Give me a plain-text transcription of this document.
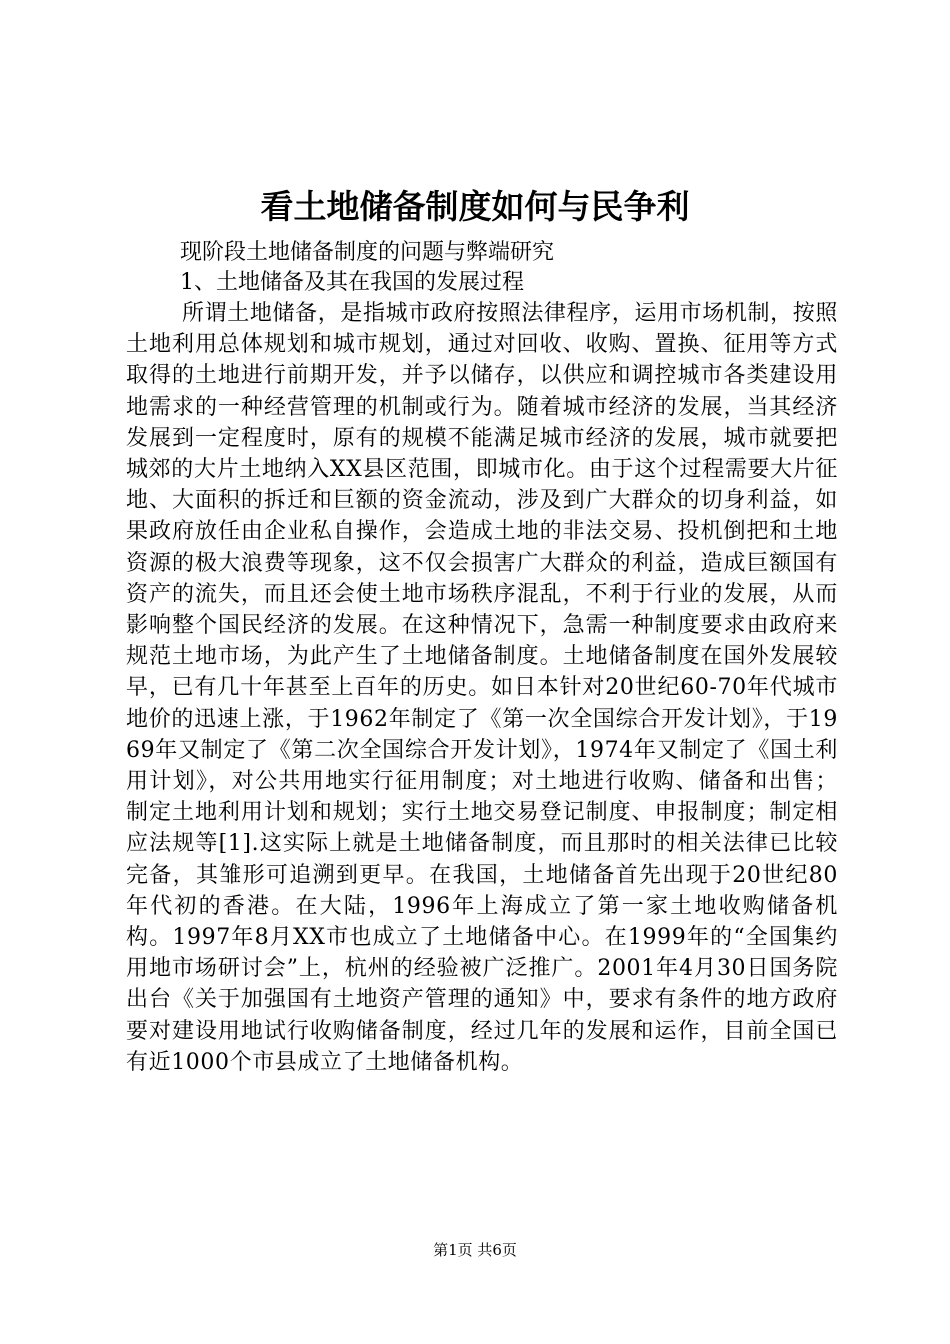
看土地储备制度如何与民争利

现阶段土地储备制度的问题与弊端研究

1、土地储备及其在我国的发展过程

所谓土地储备，是指城市政府按照法律程序，运用市场机制，按照土地利用总体规划和城市规划，通过对回收、收购、置换、征用等方式取得的土地进行前期开发，并予以储存，以供应和调控城市各类建设用地需求的一种经营管理的机制或行为。随着城市经济的发展，当其经济发展到一定程度时，原有的规模不能满足城市经济的发展，城市就要把城郊的大片土地纳入XX县区范围，即城市化。由于这个过程需要大片征地、大面积的拆迁和巨额的资金流动，涉及到广大群众的切身利益，如果政府放任由企业私自操作，会造成土地的非法交易、投机倒把和土地资源的极大浪费等现象，这不仅会损害广大群众的利益，造成巨额国有资产的流失，而且还会使土地市场秩序混乱，不利于行业的发展，从而影响整个国民经济的发展。在这种情况下，急需一种制度要求由政府来规范土地市场，为此产生了土地储备制度。土地储备制度在国外发展较早，已有几十年甚至上百年的历史。如日本针对20世纪60-70年代城市地价的迅速上涨，于1962年制定了《第一次全国综合开发计划》，于1969年又制定了《第二次全国综合开发计划》，1974年又制定了《国土利用计划》，对公共用地实行征用制度；对土地进行收购、储备和出售；制定土地利用计划和规划；实行土地交易登记制度、申报制度；制定相应法规等[1].这实际上就是土地储备制度，而且那时的相关法律已比较完备，其雏形可追溯到更早。在我国，土地储备首先出现于20世纪80年代初的香港。在大陆，1996年上海成立了第一家土地收购储备机构。1997年8月XX市也成立了土地储备中心。在1999年的“全国集约用地市场研讨会”上，杭州的经验被广泛推广。2001年4月30日国务院出台《关于加强国有土地资产管理的通知》中，要求有条件的地方政府要对建设用地试行收购储备制度，经过几年的发展和运作，目前全国已有近1000个市县成立了土地储备机构。

第1页 共6页
